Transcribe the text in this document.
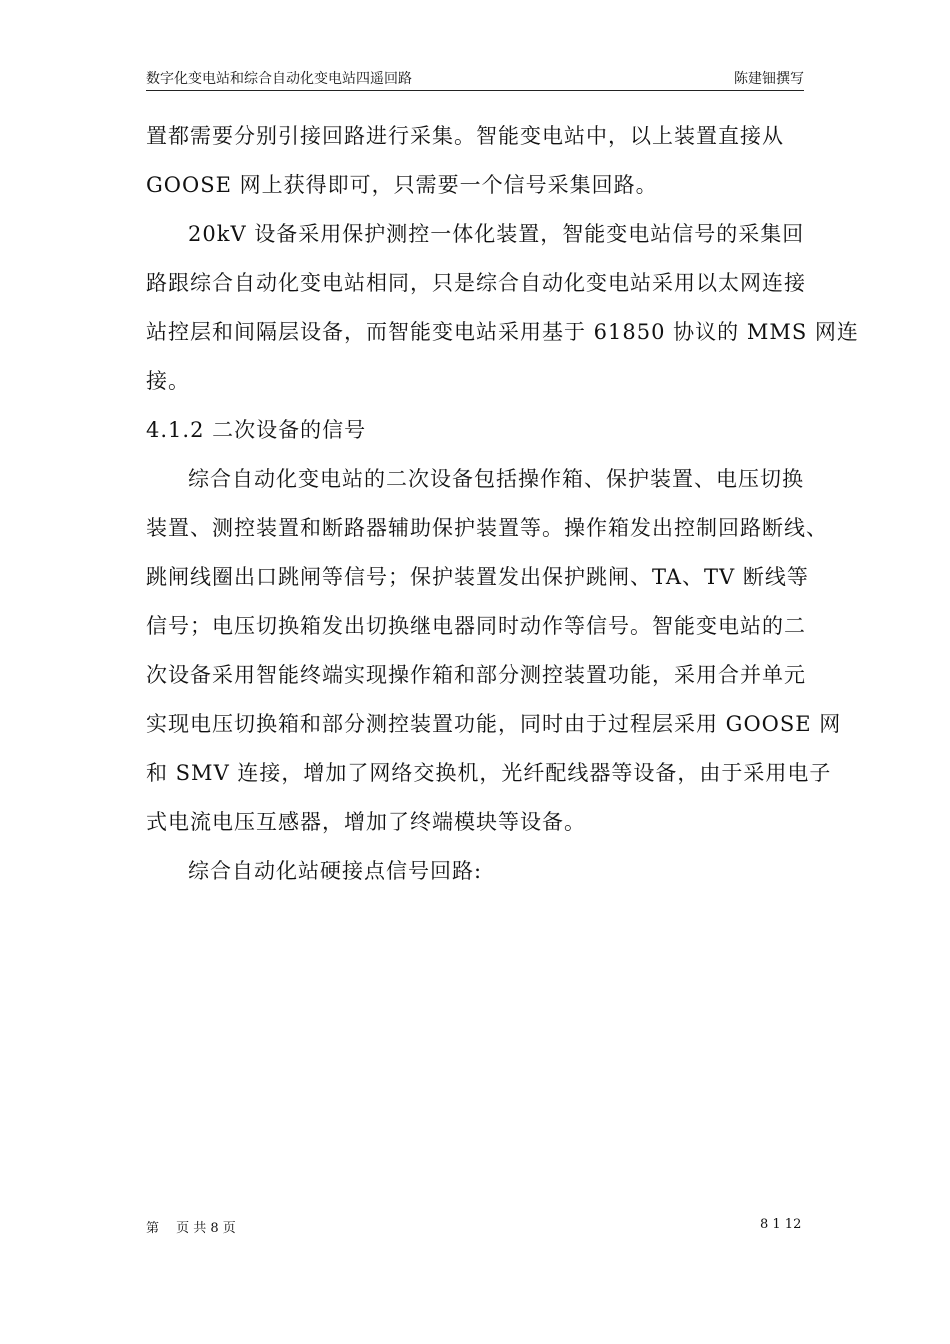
数字化变电站和综合自动化变电站四遥回路	陈建钿撰写

置都需要分别引接回路进行采集。智能变电站中，以上装置直接从

GOOSE 网上获得即可，只需要一个信号采集回路。

20kV 设备采用保护测控一体化装置，智能变电站信号的采集回

路跟综合自动化变电站相同，只是综合自动化变电站采用以太网连接

站控层和间隔层设备，而智能变电站采用基于 61850 协议的 MMS 网连

接。

4.1.2 二次设备的信号

综合自动化变电站的二次设备包括操作箱、保护装置、电压切换

装置、测控装置和断路器辅助保护装置等。操作箱发出控制回路断线、

跳闸线圈出口跳闸等信号；保护装置发出保护跳闸、TA、TV 断线等

信号；电压切换箱发出切换继电器同时动作等信号。智能变电站的二

次设备采用智能终端实现操作箱和部分测控装置功能，采用合并单元

实现电压切换箱和部分测控装置功能，同时由于过程层采用 GOOSE 网

和 SMV 连接，增加了网络交换机，光纤配线器等设备，由于采用电子

式电流电压互感器，增加了终端模块等设备。

综合自动化站硬接点信号回路:

第　 页 共 8 页	8 1 12
